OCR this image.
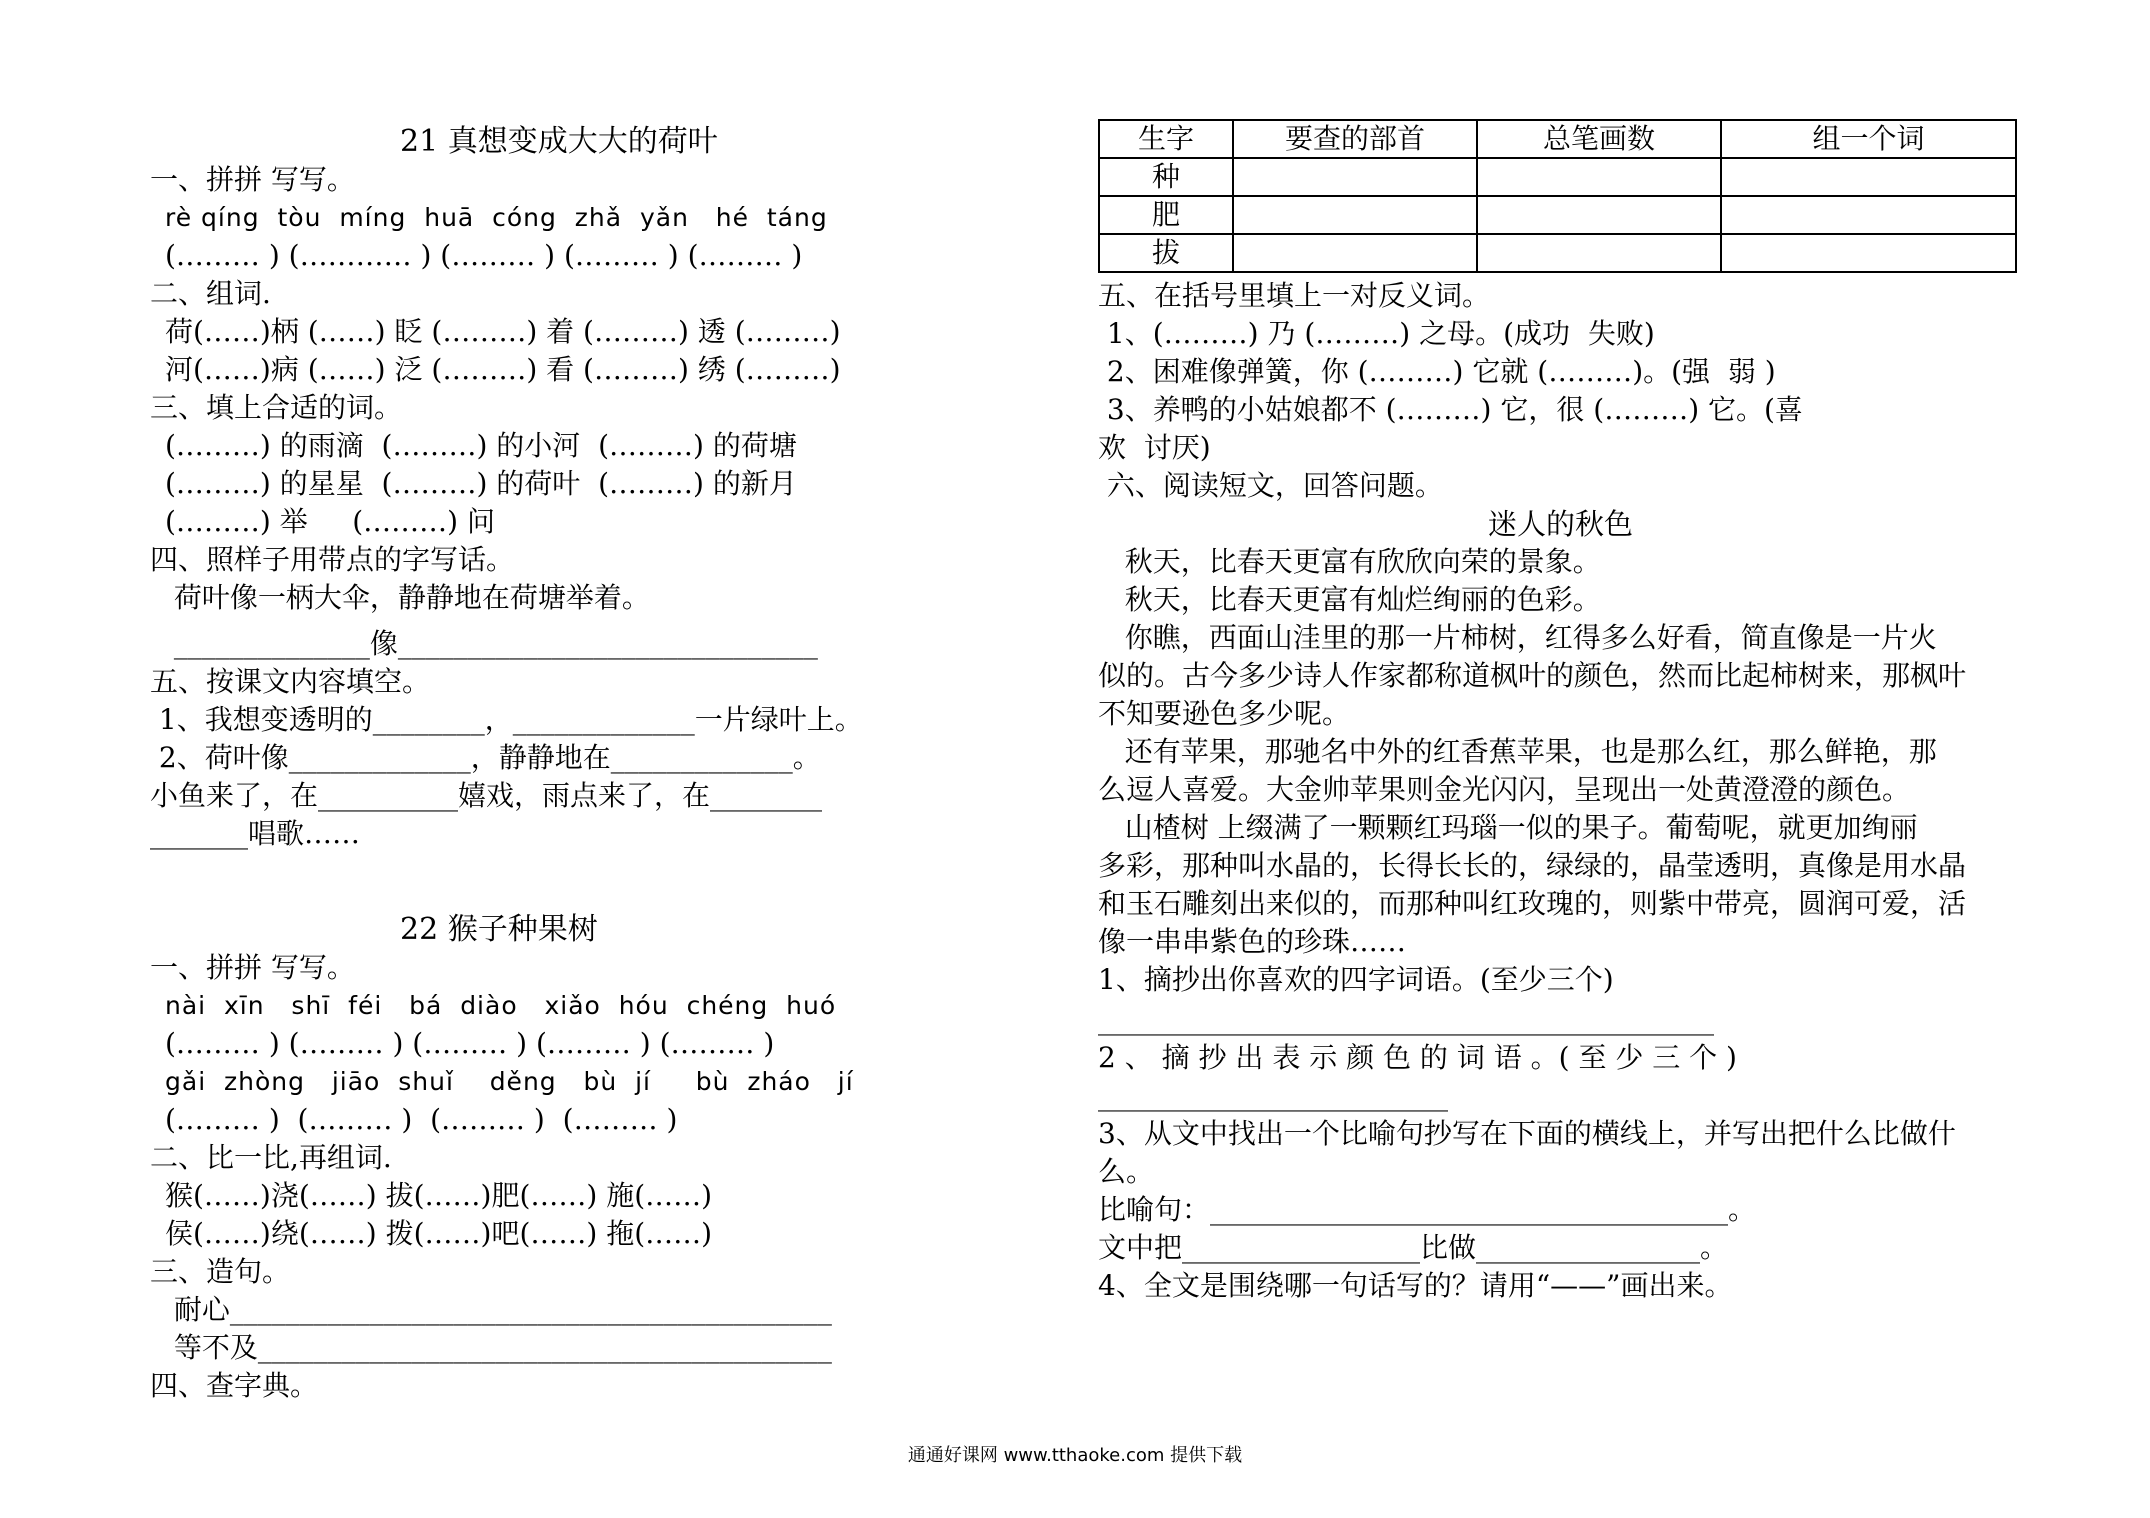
21 真想变成大大的荷叶
一、拼拼 写写。
rè qíng  tòu  míng  huā  cóng  zhǎ  yǎn   hé  táng
(……… ) (………… ) (……… ) (……… ) (……… )
二、组词.
荷(……)柄 (……) 眨 (………) 着 (………) 透 (………)
河(……)病 (……) 泛 (………) 看 (………) 绣 (………)
三、填上合适的词。
(………) 的雨滴  (………) 的小河  (………) 的荷塘
(………) 的星星  (………) 的荷叶  (………) 的新月
(………) 举     (………) 问
四、照样子用带点的字写话。
荷叶像一柄大伞，静静地在荷塘举着。
______________像______________________________
五、按课文内容填空。
1、我想变透明的________，_____________一片绿叶上。
2、荷叶像_____________，静静地在_____________。
小鱼来了，在__________嬉戏，雨点来了，在________
_______唱歌……
22 猴子种果树
一、拼拼 写写。
nài  xīn   shī  féi   bá  diào   xiǎo  hóu  chéng  huó
(……… ) (……… ) (……… ) (……… ) (……… )
gǎi  zhòng   jiāo  shuǐ    děng   bù  jí     bù  zháo   jí
(……… )  (……… )  (……… )  (……… )
二、比一比,再组词.
猴(……)浇(……) 拔(……)肥(……) 施(……)
侯(……)绕(……) 拨(……)吧(……) 拖(……)
三、造句。
耐心___________________________________________
等不及_________________________________________
四、查字典。
生字	要查的部首	总笔画数	组一个词
种			
肥			
拔			
五、在括号里填上一对反义词。
1、(………) 乃 (………) 之母。(成功  失败)
2、困难像弹簧，你 (………) 它就 (………)。(强  弱 )
3、养鸭的小姑娘都不 (………) 它，很 (………) 它。(喜
欢  讨厌)
六、阅读短文，回答问题。
迷人的秋色
秋天，比春天更富有欣欣向荣的景象。
秋天，比春天更富有灿烂绚丽的色彩。
你瞧，西面山洼里的那一片柿树，红得多么好看，简直像是一片火
似的。古今多少诗人作家都称道枫叶的颜色，然而比起柿树来，那枫叶
不知要逊色多少呢。
还有苹果，那驰名中外的红香蕉苹果，也是那么红，那么鲜艳，那
么逗人喜爱。大金帅苹果则金光闪闪，呈现出一处黄澄澄的颜色。
山楂树 上缀满了一颗颗红玛瑙一似的果子。葡萄呢，就更加绚丽
多彩，那种叫水晶的，长得长长的，绿绿的，晶莹透明，真像是用水晶
和玉石雕刻出来似的，而那种叫红玫瑰的，则紫中带亮，圆润可爱，活
像一串串紫色的珍珠……
1、摘抄出你喜欢的四字词语。(至少三个)
____________________________________________
2 、 摘 抄 出 表 示 颜 色 的 词 语 。( 至 少 三 个 )
_________________________
3、从文中找出一个比喻句抄写在下面的横线上，并写出把什么比做什
么。
比喻句：_____________________________________。
文中把_________________比做________________。
4、全文是围绕哪一句话写的？请用“——”画出来。
通通好课网 www.tthaoke.com 提供下载
